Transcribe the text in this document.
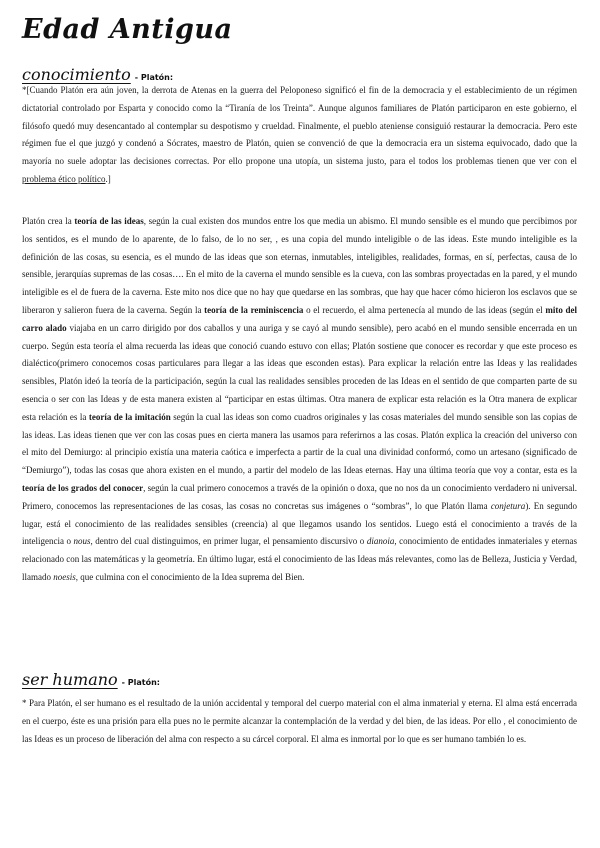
Edad Antigua
conocimiento - Platón:

*[Cuando Platón era aún joven, la derrota de Atenas en la guerra del Peloponeso significó el fin de la democracia y el establecimiento de un régimen dictatorial controlado por Esparta y conocido como la “Tiranía de los Treinta”. Aunque algunos familiares de Platón participaron en este gobierno, el filósofo quedó muy desencantado al contemplar su despotismo y crueldad. Finalmente, el pueblo ateniense consiguió restaurar la democracia. Pero este régimen fue el que juzgó y condenó a Sócrates, maestro de Platón, quien se convenció de que la democracia era un sistema equivocado, dado que la mayoría no suele adoptar las decisiones correctas. Por ello propone una utopía, un sistema justo, para el todos los problemas tienen que ver con el problema ético político.]

Platón crea la teoría de las ideas, según la cual existen dos mundos entre los que media un abismo. El mundo sensible es el mundo que percibimos por los sentidos, es el mundo de lo aparente, de lo falso, de lo no ser, , es una copia del mundo inteligible o de las ideas. Este mundo inteligible es la definición de las cosas, su esencia, es el mundo de las ideas que son eternas, inmutables, inteligibles, realidades, formas, en sí, perfectas, causa de lo sensible, jerarquías supremas de las cosas…. En el mito de la caverna el mundo sensible es la cueva, con las sombras proyectadas en la pared, y el mundo inteligible es el de fuera de la caverna. Este mito nos dice que no hay que quedarse en las sombras, que hay que hacer cómo hicieron los esclavos que se liberaron y salieron fuera de la caverna. Según la teoría de la reminiscencia o el recuerdo, el alma pertenecía al mundo de las ideas (según el mito del carro alado viajaba en un carro dirigido por dos caballos y una auriga y se cayó al mundo sensible), pero acabó en el mundo sensible encerrada en un cuerpo. Según esta teoría el alma recuerda las ideas que conoció cuando estuvo con ellas; Platón sostiene que conocer es recordar y que este proceso es dialéctico(primero conocemos cosas particulares para llegar a las ideas que esconden estas). Para explicar la relación entre las Ideas y las realidades sensibles, Platón ideó la teoría de la participación, según la cual las realidades sensibles proceden de las Ideas en el sentido de que comparten parte de su esencia o ser con las Ideas y de esta manera existen al “participar en estas últimas. Otra manera de explicar esta relación es la Otra manera de explicar esta relación es la teoría de la imitación según la cual las ideas son como cuadros originales y las cosas materiales del mundo sensible son las copias de las ideas. Las ideas tienen que ver con las cosas pues en cierta manera las usamos para referirnos a las cosas. Platón explica la creación del universo con el mito del Demiurgo: al principio existía una materia caótica e imperfecta a partir de la cual una divinidad conformó, como un artesano (significado de “Demiurgo”), todas las cosas que ahora existen en el mundo, a partir del modelo de las Ideas eternas. Hay una última teoría que voy a contar, esta es la teoría de los grados del conocer, según la cual primero conocemos a través de la opinión o doxa, que no nos da un conocimiento verdadero ni universal. Primero, conocemos las representaciones de las cosas, las cosas no concretas sus imágenes o “sombras”, lo que Platón llama conjetura). En segundo lugar, está el conocimiento de las realidades sensibles (creencia) al que llegamos usando los sentidos. Luego está el conocimiento a través de la inteligencia o nous, dentro del cual distinguimos, en primer lugar, el pensamiento discursivo o dianoia, conocimiento de entidades inmateriales y eternas relacionado con las matemáticas y la geometría. En último lugar, está el conocimiento de las Ideas más relevantes, como las de Belleza, Justicia y Verdad, llamado noesis, que culmina con el conocimiento de la Idea suprema del Bien.

ser humano - Platón:

* Para Platón, el ser humano es el resultado de la unión accidental y temporal del cuerpo material con el alma inmaterial y eterna. El alma está encerrada en el cuerpo, éste es una prisión para ella pues no le permite alcanzar la contemplación de la verdad y del bien, de las ideas. Por ello , el conocimiento de las Ideas es un proceso de liberación del alma con respecto a su cárcel corporal. El alma es inmortal por lo que es ser humano también lo es.
